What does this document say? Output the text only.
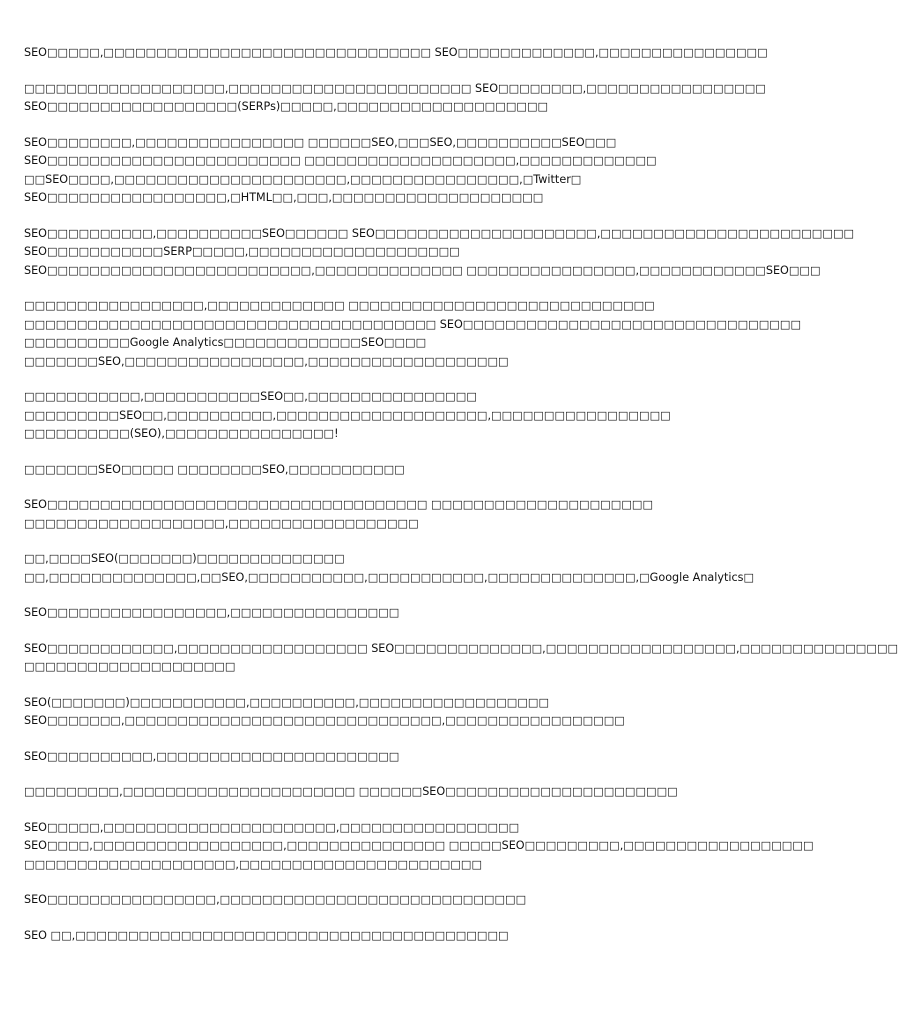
SEO□□□□□,□□□□□□□□□□□□□□□□□□□□□□□□□□□□□□□ SEO□□□□□□□□□□□□□,□□□□□□□□□□□□□□□□
□□□□□□□□□□□□□□□□□□□,□□□□□□□□□□□□□□□□□□□□□□□ SEO□□□□□□□□,□□□□□□□□□□□□□□□□□
SEO□□□□□□□□□□□□□□□□□□(SERPs)□□□□□,□□□□□□□□□□□□□□□□□□□□
SEO□□□□□□□□,□□□□□□□□□□□□□□□□ □□□□□□SEO,□□□SEO,□□□□□□□□□□SEO□□□
SEO□□□□□□□□□□□□□□□□□□□□□□□□ □□□□□□□□□□□□□□□□□□□□,□□□□□□□□□□□□□
□□SEO□□□□,□□□□□□□□□□□□□□□□□□□□□□,□□□□□□□□□□□□□□□□,□Twitter□
SEO□□□□□□□□□□□□□□□□□,□HTML□□,□□□,□□□□□□□□□□□□□□□□□□□□
SEO□□□□□□□□□□,□□□□□□□□□□SEO□□□□□□ SEO□□□□□□□□□□□□□□□□□□□□□,□□□□□□□□□□□□□□□□□□□□□□□□
SEO□□□□□□□□□□□SERP□□□□□,□□□□□□□□□□□□□□□□□□□□
SEO□□□□□□□□□□□□□□□□□□□□□□□□□,□□□□□□□□□□□□□□ □□□□□□□□□□□□□□□□,□□□□□□□□□□□□SEO□□□
□□□□□□□□□□□□□□□□□,□□□□□□□□□□□□□ □□□□□□□□□□□□□□□□□□□□□□□□□□□□□
□□□□□□□□□□□□□□□□□□□□□□□□□□□□□□□□□□□□□□□ SEO□□□□□□□□□□□□□□□□□□□□□□□□□□□□□□□□
□□□□□□□□□□Google Analytics□□□□□□□□□□□□□SEO□□□□
□□□□□□□SEO,□□□□□□□□□□□□□□□□□,□□□□□□□□□□□□□□□□□□□
□□□□□□□□□□□,□□□□□□□□□□□SEO□□,□□□□□□□□□□□□□□□□
□□□□□□□□□SEO□□,□□□□□□□□□□,□□□□□□□□□□□□□□□□□□□□,□□□□□□□□□□□□□□□□□
□□□□□□□□□□(SEO),□□□□□□□□□□□□□□□□!
□□□□□□□SEO□□□□□ □□□□□□□□SEO,□□□□□□□□□□□
SEO□□□□□□□□□□□□□□□□□□□□□□□□□□□□□□□□□□□□ □□□□□□□□□□□□□□□□□□□□□
□□□□□□□□□□□□□□□□□□□,□□□□□□□□□□□□□□□□□□
□□,□□□□SEO(□□□□□□□)□□□□□□□□□□□□□□
□□,□□□□□□□□□□□□□□,□□SEO,□□□□□□□□□□□,□□□□□□□□□□□,□□□□□□□□□□□□□□,□Google Analytics□
SEO□□□□□□□□□□□□□□□□□,□□□□□□□□□□□□□□□□
SEO□□□□□□□□□□□□,□□□□□□□□□□□□□□□□□□ SEO□□□□□□□□□□□□□□,□□□□□□□□□□□□□□□□□□,□□□□□□□□□□□□□□□
□□□□□□□□□□□□□□□□□□□□
SEO(□□□□□□□)□□□□□□□□□□□,□□□□□□□□□□,□□□□□□□□□□□□□□□□□□
SEO□□□□□□□,□□□□□□□□□□□□□□□□□□□□□□□□□□□□□□,□□□□□□□□□□□□□□□□□
SEO□□□□□□□□□□,□□□□□□□□□□□□□□□□□□□□□□□
□□□□□□□□□,□□□□□□□□□□□□□□□□□□□□□□ □□□□□□SEO□□□□□□□□□□□□□□□□□□□□□□
SEO□□□□□,□□□□□□□□□□□□□□□□□□□□□□,□□□□□□□□□□□□□□□□□
SEO□□□□,□□□□□□□□□□□□□□□□□□,□□□□□□□□□□□□□□□ □□□□□SEO□□□□□□□□□,□□□□□□□□□□□□□□□□□□
□□□□□□□□□□□□□□□□□□□□,□□□□□□□□□□□□□□□□□□□□□□□
SEO□□□□□□□□□□□□□□□□,□□□□□□□□□□□□□□□□□□□□□□□□□□□□□
SEO □□,□□□□□□□□□□□□□□□□□□□□□□□□□□□□□□□□□□□□□□□□□
